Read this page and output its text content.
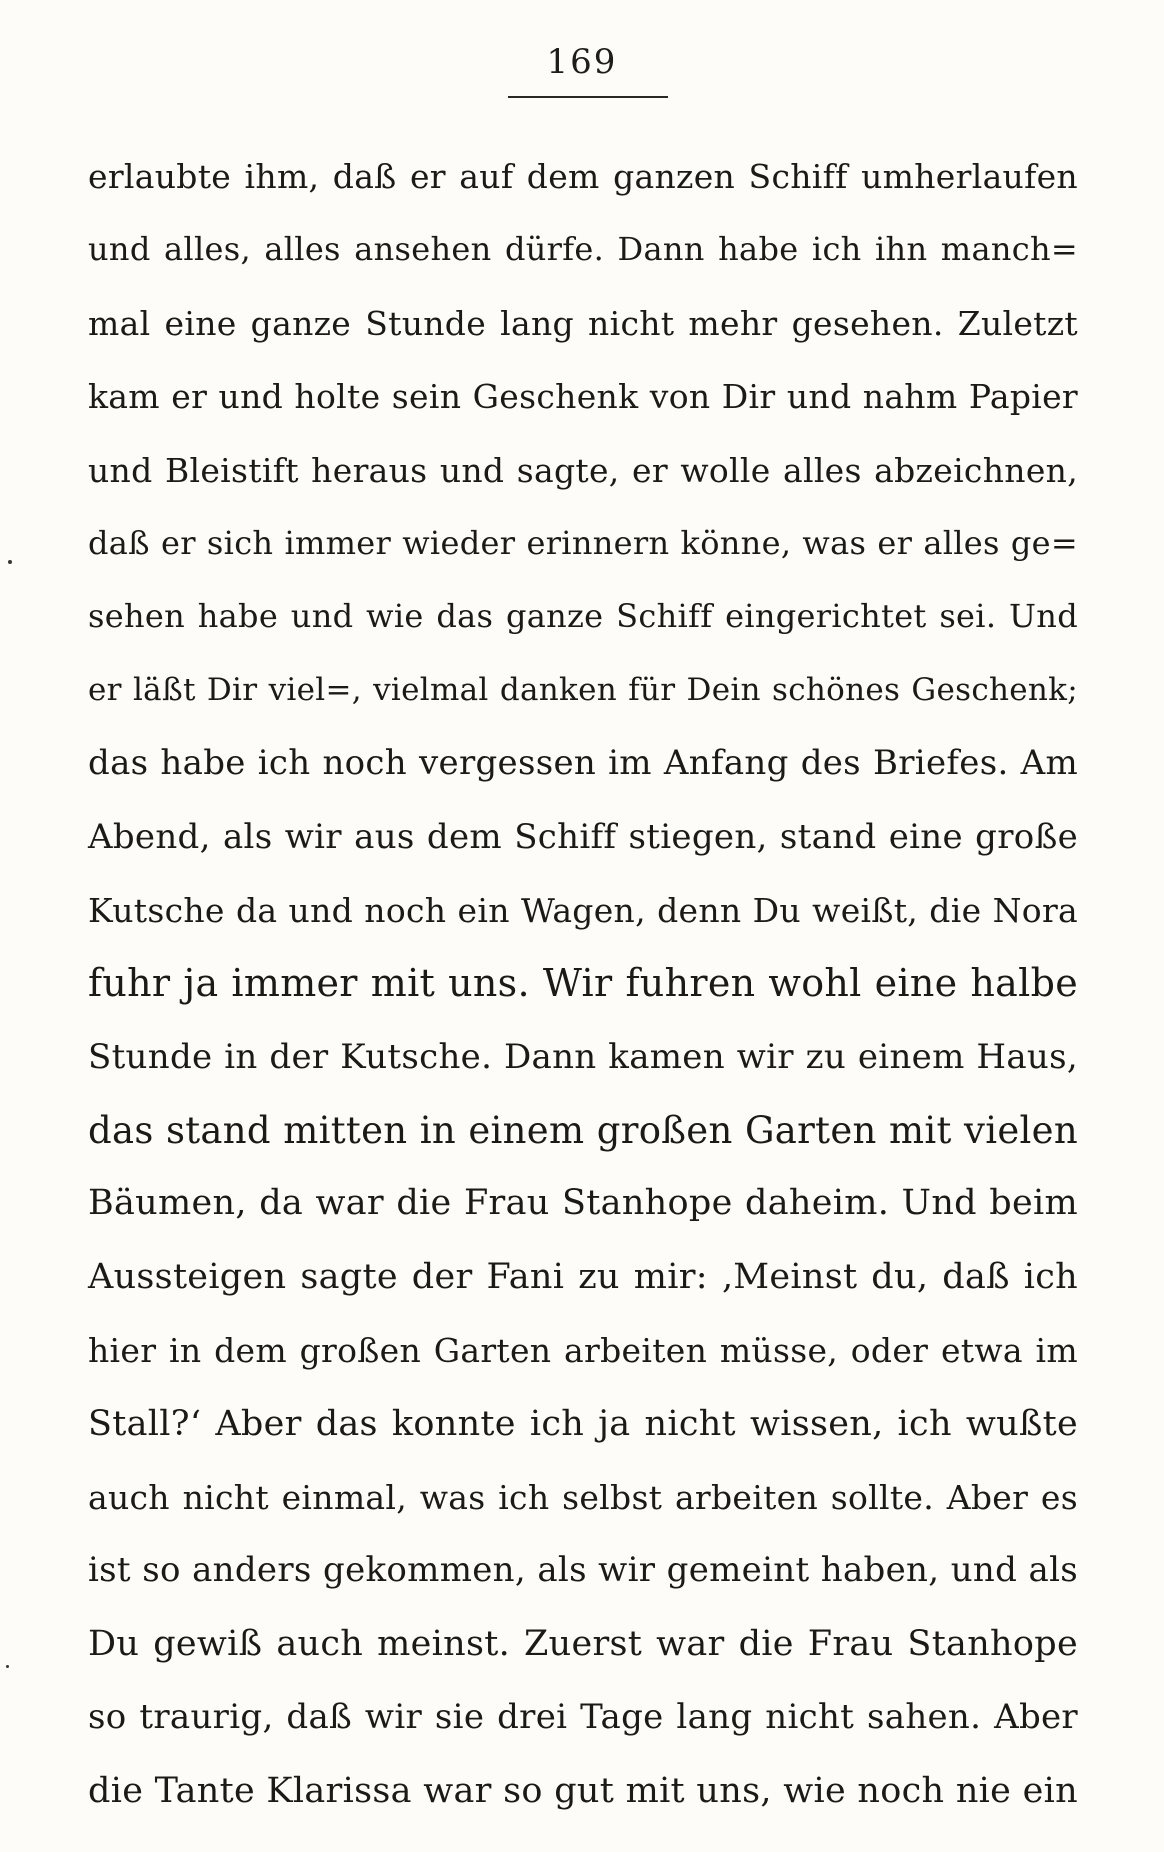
169
erlaubte ihm, daß er auf dem ganzen Schiff umherlaufen
und alles, alles ansehen dürfe. Dann habe ich ihn manch=
mal eine ganze Stunde lang nicht mehr gesehen. Zuletzt
kam er und holte sein Geschenk von Dir und nahm Papier
und Bleistift heraus und sagte, er wolle alles abzeichnen,
daß er sich immer wieder erinnern könne, was er alles ge=
sehen habe und wie das ganze Schiff eingerichtet sei. Und
er läßt Dir viel=, vielmal danken für Dein schönes Geschenk;
das habe ich noch vergessen im Anfang des Briefes. Am
Abend, als wir aus dem Schiff stiegen, stand eine große
Kutsche da und noch ein Wagen, denn Du weißt, die Nora
fuhr ja immer mit uns. Wir fuhren wohl eine halbe
Stunde in der Kutsche. Dann kamen wir zu einem Haus,
das stand mitten in einem großen Garten mit vielen
Bäumen, da war die Frau Stanhope daheim. Und beim
Aussteigen sagte der Fani zu mir: ‚Meinst du, daß ich
hier in dem großen Garten arbeiten müsse, oder etwa im
Stall?‘ Aber das konnte ich ja nicht wissen, ich wußte
auch nicht einmal, was ich selbst arbeiten sollte. Aber es
ist so anders gekommen, als wir gemeint haben, und als
Du gewiß auch meinst. Zuerst war die Frau Stanhope
so traurig, daß wir sie drei Tage lang nicht sahen. Aber
die Tante Klarissa war so gut mit uns, wie noch nie ein
